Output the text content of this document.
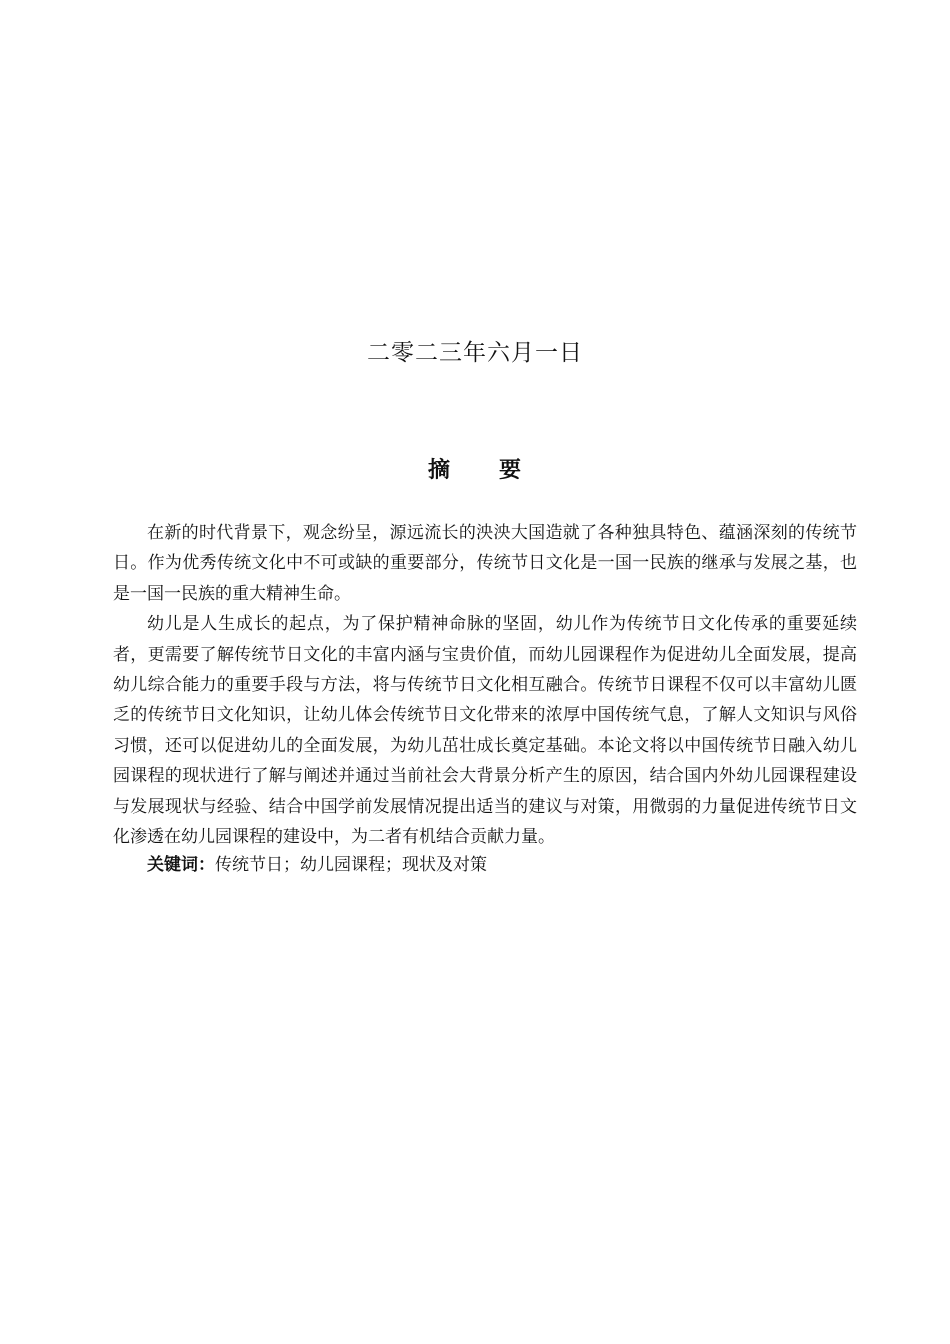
二零二三年六月一日
摘 要

在新的时代背景下，观念纷呈，源远流长的泱泱大国造就了各种独具特色、蕴涵深刻的传统节日。作为优秀传统文化中不可或缺的重要部分，传统节日文化是一国一民族的继承与发展之基，也是一国一民族的重大精神生命。

幼儿是人生成长的起点，为了保护精神命脉的坚固，幼儿作为传统节日文化传承的重要延续者，更需要了解传统节日文化的丰富内涵与宝贵价值，而幼儿园课程作为促进幼儿全面发展，提高幼儿综合能力的重要手段与方法，将与传统节日文化相互融合。传统节日课程不仅可以丰富幼儿匮乏的传统节日文化知识，让幼儿体会传统节日文化带来的浓厚中国传统气息，了解人文知识与风俗习惯，还可以促进幼儿的全面发展，为幼儿茁壮成长奠定基础。本论文将以中国传统节日融入幼儿园课程的现状进行了解与阐述并通过当前社会大背景分析产生的原因，结合国内外幼儿园课程建设与发展现状与经验、结合中国学前发展情况提出适当的建议与对策，用微弱的力量促进传统节日文化渗透在幼儿园课程的建设中，为二者有机结合贡献力量。

关键词：传统节日；幼儿园课程；现状及对策
